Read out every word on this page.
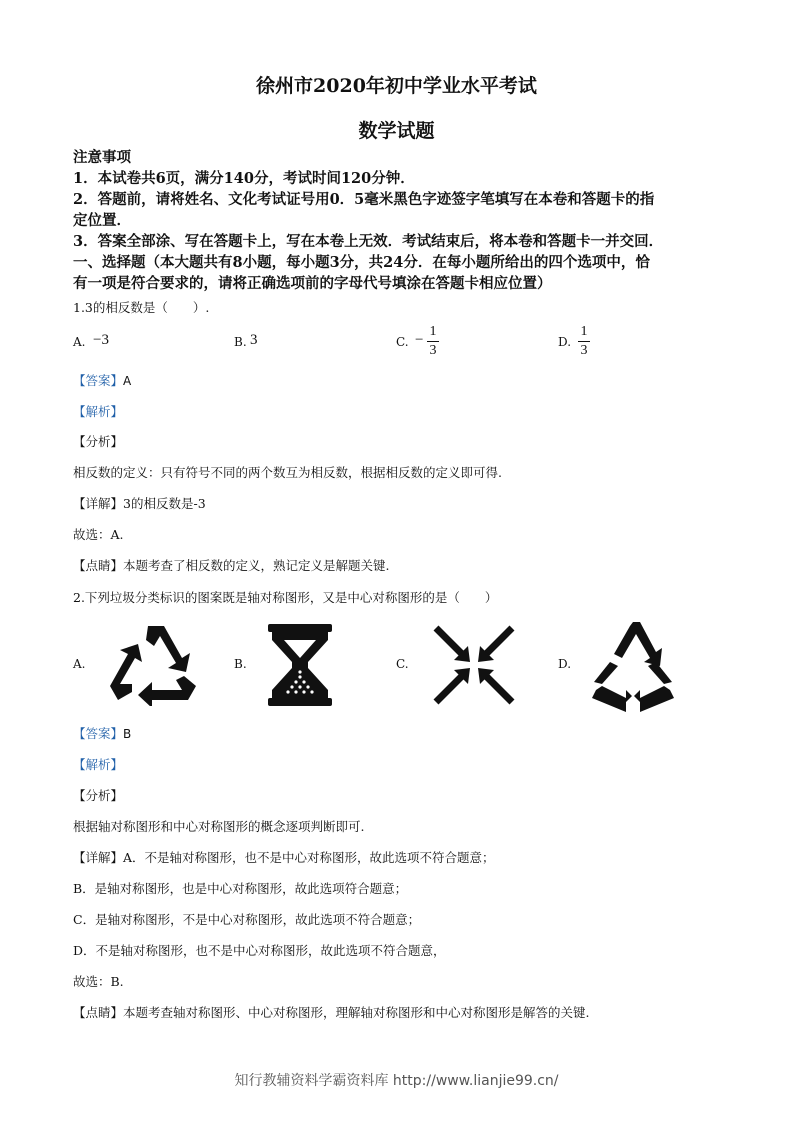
徐州市2020年初中学业水平考试
数学试题
注意事项
1．本试卷共6页，满分140分，考试时间120分钟．
2．答题前，请将姓名、文化考试证号用0．5毫米黑色字迹签字笔填写在本卷和答题卡的指
定位置．
3．答案全部涂、写在答题卡上，写在本卷上无效．考试结束后，将本卷和答题卡一并交回．
一、选择题（本大题共有8小题，每小题3分，共24分．在每小题所给出的四个选项中，恰
有一项是符合要求的，请将正确选项前的字母代号填涂在答题卡相应位置）
1.3的相反数是（　　）.
A. −3	B. 3	C. −
1
3
D.
1
3
【答案】A
【解析】
【分析】
相反数的定义：只有符号不同的两个数互为相反数，根据相反数的定义即可得.
【详解】3的相反数是-3
故选：A.
【点睛】本题考查了相反数的定义，熟记定义是解题关键.
2.下列垃圾分类标识的图案既是轴对称图形，又是中心对称图形的是（　　）
A.	B.	C.	D.
【答案】B
【解析】
【分析】
根据轴对称图形和中心对称图形的概念逐项判断即可.
【详解】A．不是轴对称图形，也不是中心对称图形，故此选项不符合题意；
B．是轴对称图形，也是中心对称图形，故此选项符合题意；
C．是轴对称图形，不是中心对称图形，故此选项不符合题意；
D．不是轴对称图形，也不是中心对称图形，故此选项不符合题意，
故选：B.
【点睛】本题考查轴对称图形、中心对称图形，理解轴对称图形和中心对称图形是解答的关键.
知行教辅资料学霸资料库 http://www.lianjie99.cn/
